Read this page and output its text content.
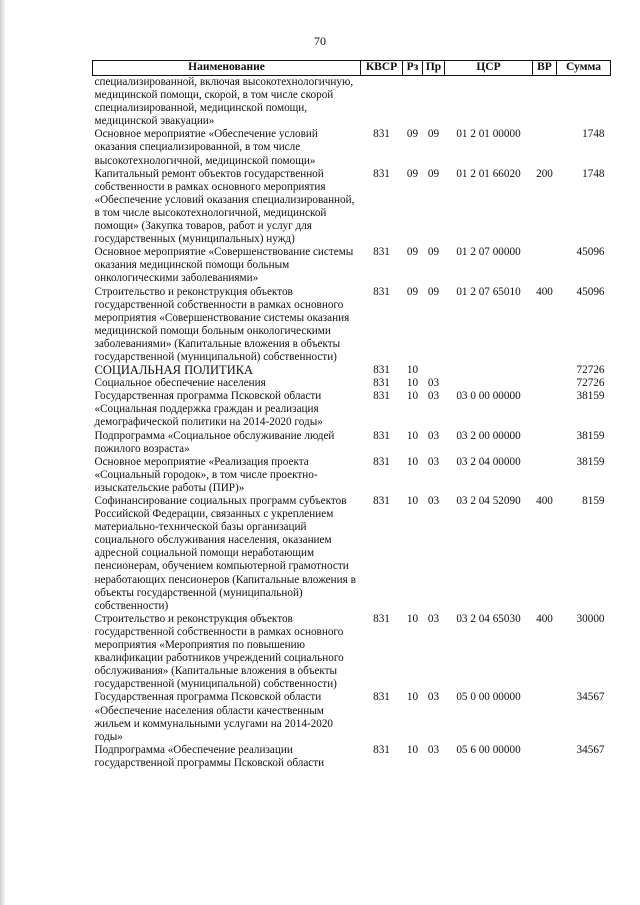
70
Наименование	КВСР	Рз	Пр	ЦСР	ВР	Сумма
специализированной, включая высокотехнологичную, медицинской помощи, скорой, в том числе скорой специализированной, медицинской помощи, медицинской эвакуации»						
Основное мероприятие «Обеспечение условий оказания специализированной, в том числе высокотехнологичной, медицинской помощи»	831	09	09	01 2 01 00000		1748
Капитальный ремонт объектов государственной собственности в рамках основного мероприятия «Обеспечение условий оказания специализированной, в том числе высокотехнологичной, медицинской помощи» (Закупка товаров, работ и услуг для государственных (муниципальных) нужд)	831	09	09	01 2 01 66020	200	1748
Основное мероприятие «Совершенствование системы оказания медицинской помощи больным онкологическими заболеваниями»	831	09	09	01 2 07 00000		45096
Строительство и реконструкция объектов государственной собственности в рамках основного мероприятия «Совершенствование системы оказания медицинской помощи больным онкологическими заболеваниями» (Капитальные вложения в объекты государственной (муниципальной) собственности)	831	09	09	01 2 07 65010	400	45096
СОЦИАЛЬНАЯ ПОЛИТИКА	831	10				72726
Социальное обеспечение населения	831	10	03			72726
Государственная программа Псковской области «Социальная поддержка граждан и реализация демографической политики на 2014-2020 годы»	831	10	03	03 0 00 00000		38159
Подпрограмма «Социальное обслуживание людей пожилого возраста»	831	10	03	03 2 00 00000		38159
Основное мероприятие «Реализация проекта «Социальный городок», в том числе проектно-изыскательские работы (ПИР)»	831	10	03	03 2 04 00000		38159
Софинансирование социальных программ субъектов Российской Федерации, связанных с укреплением материально-технической базы организаций социального обслуживания населения, оказанием адресной социальной помощи неработающим пенсионерам, обучением компьютерной грамотности неработающих пенсионеров (Капитальные вложения в объекты государственной (муниципальной) собственности)	831	10	03	03 2 04 52090	400	8159
Строительство и реконструкция объектов государственной собственности в рамках основного мероприятия «Мероприятия по повышению квалификации работников учреждений социального обслуживания» (Капитальные вложения в объекты государственной (муниципальной) собственности)	831	10	03	03 2 04 65030	400	30000
Государственная программа Псковской области «Обеспечение населения области качественным жильем и коммунальными услугами на 2014-2020 годы»	831	10	03	05 0 00 00000		34567
Подпрограмма «Обеспечение реализации государственной программы Псковской области	831	10	03	05 6 00 00000		34567
